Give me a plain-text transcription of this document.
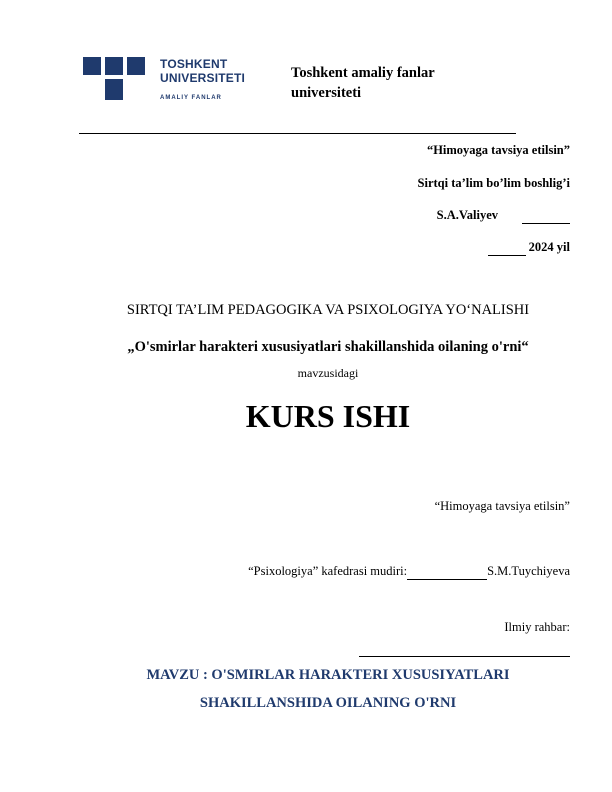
TOSHKENT
UNIVERSITETI
AMALIY FANLAR
Toshkent amaliy fanlar
universiteti
“Himoyaga tavsiya etilsin”
Sirtqi ta’lim bo’lim boshlig’i
S.A.Valiyev
2024 yil
SIRTQI TA’LIM PEDAGOGIKA VA PSIXOLOGIYA YO‘NALISHI
„O'smirlar harakteri xususiyatlari shakillanshida oilaning o'rni“
mavzusidagi
KURS ISHI
“Himoyaga tavsiya etilsin”
“Psixologiya” kafedrasi mudiri:	S.M.Tuychiyeva
Ilmiy rahbar:
MAVZU : O'SMIRLAR HARAKTERI XUSUSIYATLARI
SHAKILLANSHIDA OILANING O'RNI
